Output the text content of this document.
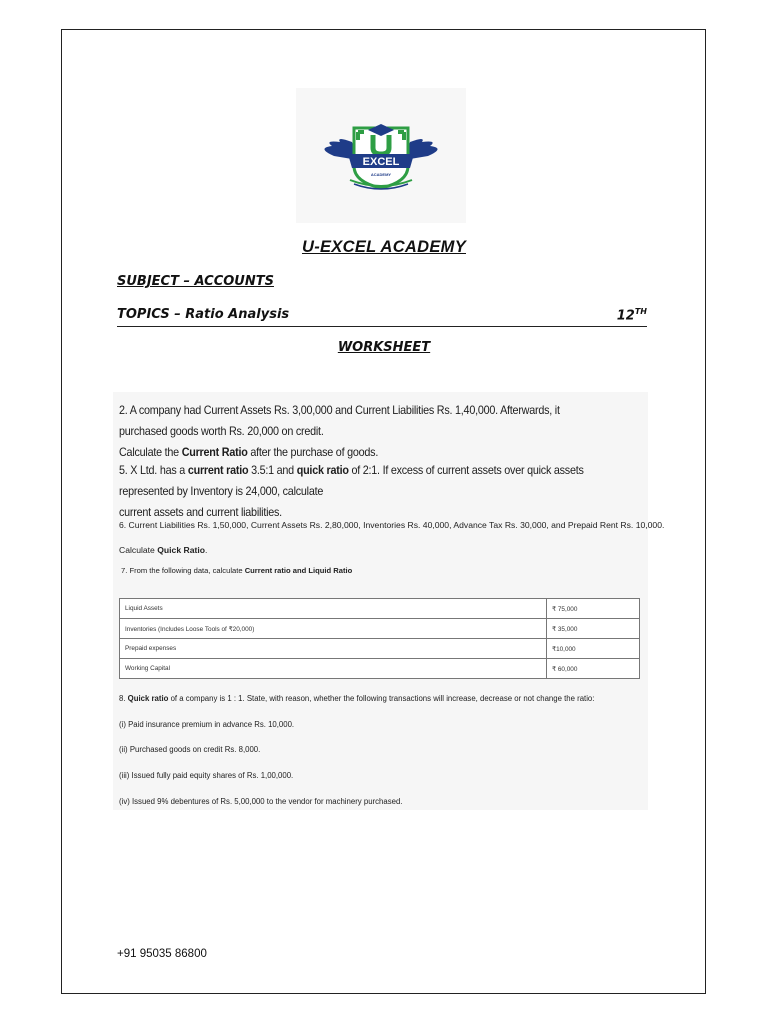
EXCEL
ACADEMY
U-EXCEL ACADEMY
SUBJECT – ACCOUNTS
TOPICS – Ratio Analysis	12TH
WORKSHEET
2. A company had Current Assets Rs. 3,00,000 and Current Liabilities Rs. 1,40,000. Afterwards, it purchased goods worth Rs. 20,000 on credit.
Calculate the Current Ratio after the purchase of goods.
5. X Ltd. has a current ratio 3.5:1 and quick ratio of 2:1. If excess of current assets over quick assets represented by Inventory is 24,000, calculate
current assets and current liabilities.
6. Current Liabilities Rs. 1,50,000, Current Assets Rs. 2,80,000, Inventories Rs. 40,000, Advance Tax Rs. 30,000, and Prepaid Rent Rs. 10,000.
Calculate Quick Ratio.
7. From the following data, calculate Current ratio and Liquid Ratio
Liquid Assets	₹ 75,000
Inventories (Includes Loose Tools of ₹20,000)	₹ 35,000
Prepaid expenses	₹10,000
Working Capital	₹ 60,000
8. Quick ratio of a company is 1 : 1. State, with reason, whether the following transactions will increase, decrease or not change the ratio:
(i) Paid insurance premium in advance Rs. 10,000.
(ii) Purchased goods on credit Rs. 8,000.
(iii) Issued fully paid equity shares of Rs. 1,00,000.
(iv) Issued 9% debentures of Rs. 5,00,000 to the vendor for machinery purchased.
+91 95035 86800
